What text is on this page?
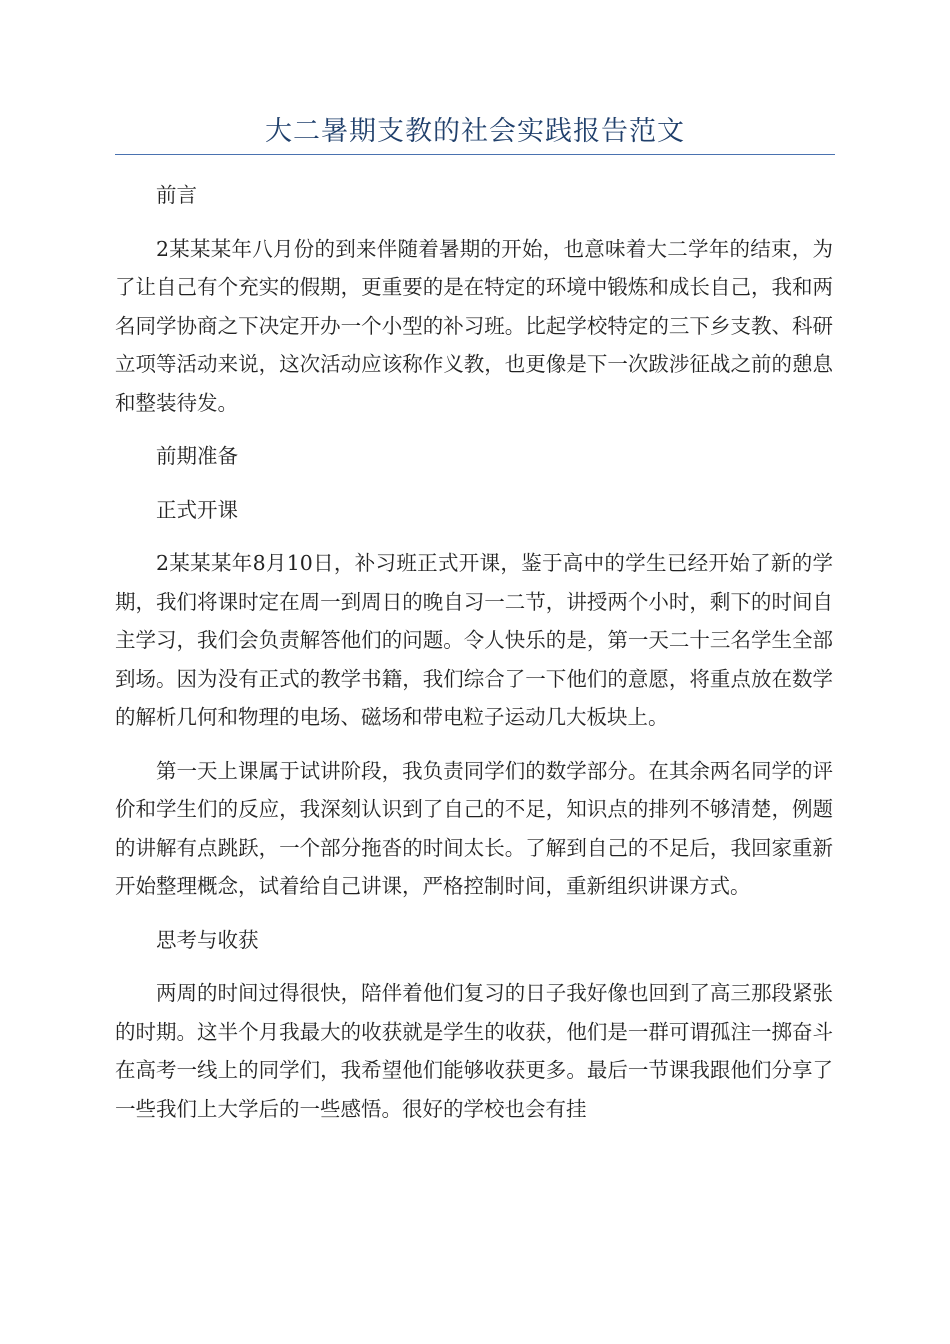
大二暑期支教的社会实践报告范文
前言
2某某某年八月份的到来伴随着暑期的开始，也意味着大二学年的结束，为了让自己有个充实的假期，更重要的是在特定的环境中锻炼和成长自己，我和两名同学协商之下决定开办一个小型的补习班。比起学校特定的三下乡支教、科研立项等活动来说，这次活动应该称作义教，也更像是下一次跋涉征战之前的憩息和整装待发。
前期准备
正式开课
2某某某年8月10日，补习班正式开课，鉴于高中的学生已经开始了新的学期，我们将课时定在周一到周日的晚自习一二节，讲授两个小时，剩下的时间自主学习，我们会负责解答他们的问题。令人快乐的是，第一天二十三名学生全部到场。因为没有正式的教学书籍，我们综合了一下他们的意愿，将重点放在数学的解析几何和物理的电场、磁场和带电粒子运动几大板块上。
第一天上课属于试讲阶段，我负责同学们的数学部分。在其余两名同学的评价和学生们的反应，我深刻认识到了自己的不足，知识点的排列不够清楚，例题的讲解有点跳跃，一个部分拖沓的时间太长。了解到自己的不足后，我回家重新开始整理概念，试着给自己讲课，严格控制时间，重新组织讲课方式。
思考与收获
两周的时间过得很快，陪伴着他们复习的日子我好像也回到了高三那段紧张的时期。这半个月我最大的收获就是学生的收获，他们是一群可谓孤注一掷奋斗在高考一线上的同学们，我希望他们能够收获更多。最后一节课我跟他们分享了一些我们上大学后的一些感悟。很好的学校也会有挂
